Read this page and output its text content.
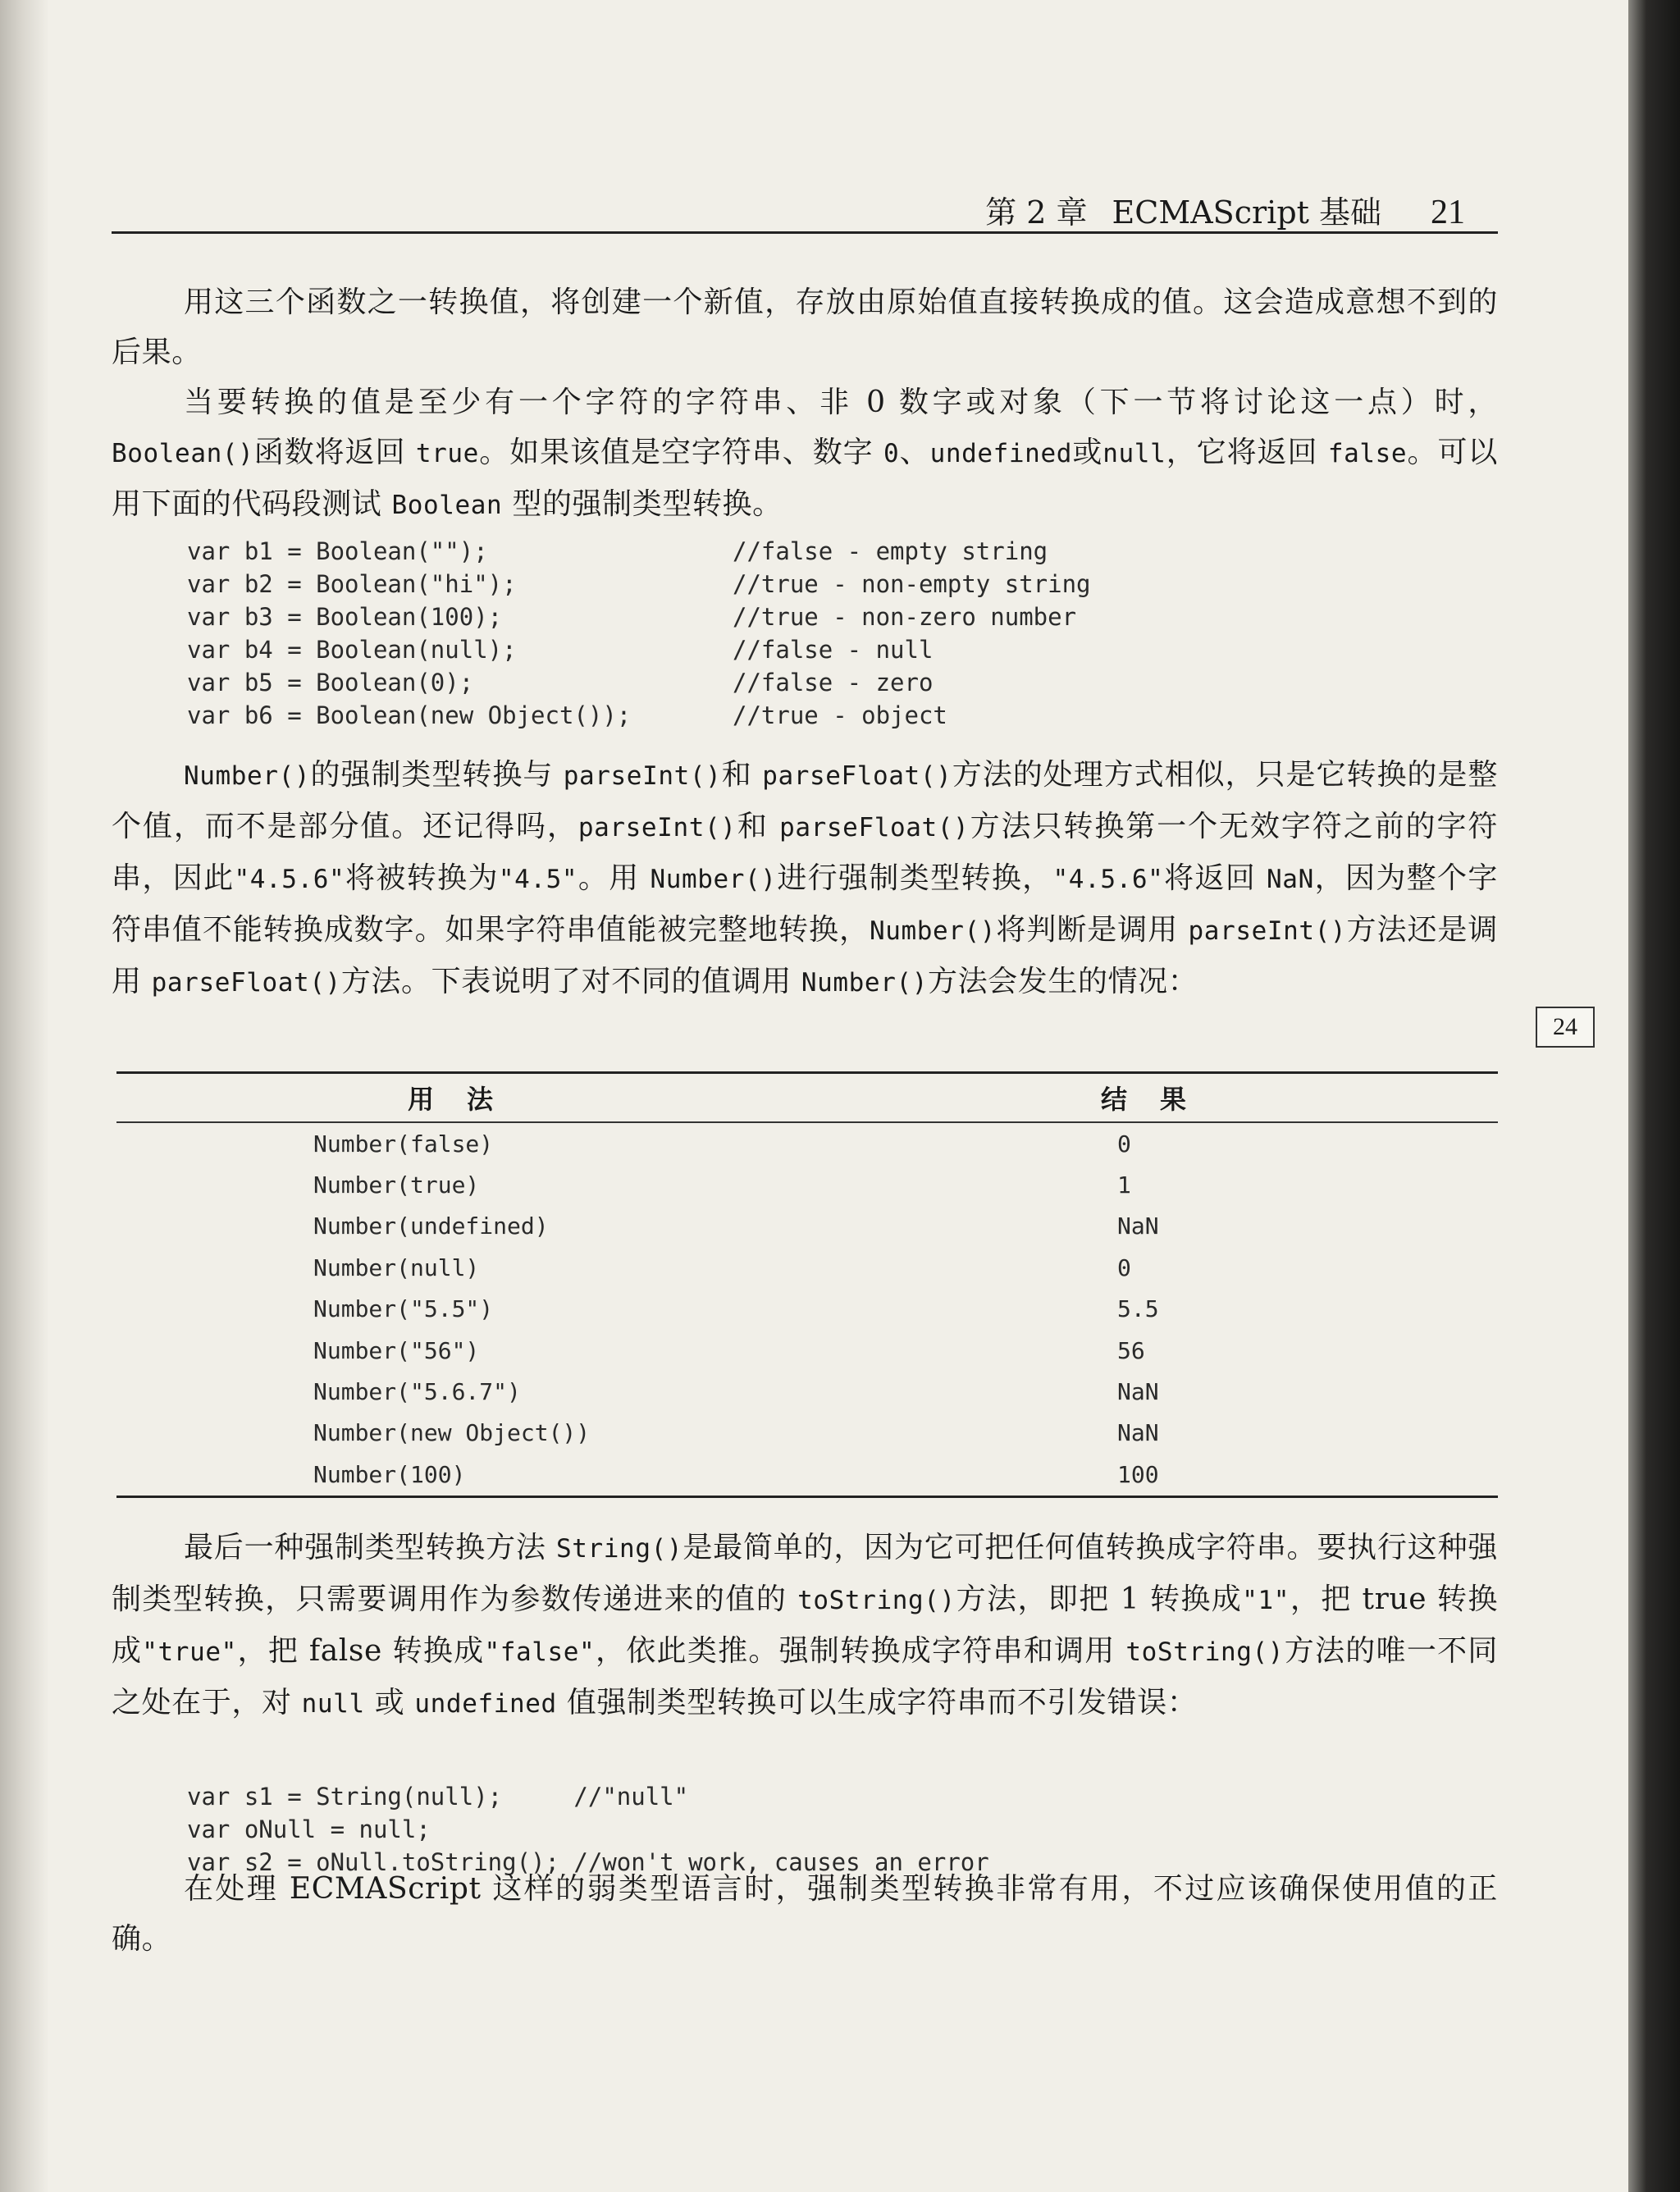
第 2 章 ECMAScript 基础 21

用这三个函数之一转换值，将创建一个新值，存放由原始值直接转换成的值。这会造成意想不到的后果。

当要转换的值是至少有一个字符的字符串、非 0 数字或对象（下一节将讨论这一点）时，Boolean()函数将返回 true。如果该值是空字符串、数字 0、undefined或null，它将返回 false。可以用下面的代码段测试 Boolean 型的强制类型转换。

var b1 = Boolean("");	//false - empty string
var b2 = Boolean("hi");	//true - non-empty string
var b3 = Boolean(100);	//true - non-zero number
var b4 = Boolean(null);	//false - null
var b5 = Boolean(0);	//false - zero
var b6 = Boolean(new Object());	//true - object

Number()的强制类型转换与 parseInt()和 parseFloat()方法的处理方式相似，只是它转换的是整个值，而不是部分值。还记得吗，parseInt()和 parseFloat()方法只转换第一个无效字符之前的字符串，因此"4.5.6"将被转换为"4.5"。用 Number()进行强制类型转换，"4.5.6"将返回 NaN，因为整个字符串值不能转换成数字。如果字符串值能被完整地转换，Number()将判断是调用 parseInt()方法还是调用 parseFloat()方法。下表说明了对不同的值调用 Number()方法会发生的情况：

24
用法	结果
Number(false)	0
Number(true)	1
Number(undefined)	NaN
Number(null)	0
Number("5.5")	5.5
Number("56")	56
Number("5.6.7")	NaN
Number(new Object())	NaN
Number(100)	100

最后一种强制类型转换方法 String()是最简单的，因为它可把任何值转换成字符串。要执行这种强制类型转换，只需要调用作为参数传递进来的值的 toString()方法，即把 1 转换成"1"，把 true 转换成"true"，把 false 转换成"false"，依此类推。强制转换成字符串和调用 toString()方法的唯一不同之处在于，对 null 或 undefined 值强制类型转换可以生成字符串而不引发错误：

var s1 = String(null);     //"null"
var oNull = null;
var s2 = oNull.toString(); //won't work, causes an error

在处理 ECMAScript 这样的弱类型语言时，强制类型转换非常有用，不过应该确保使用值的正确。
